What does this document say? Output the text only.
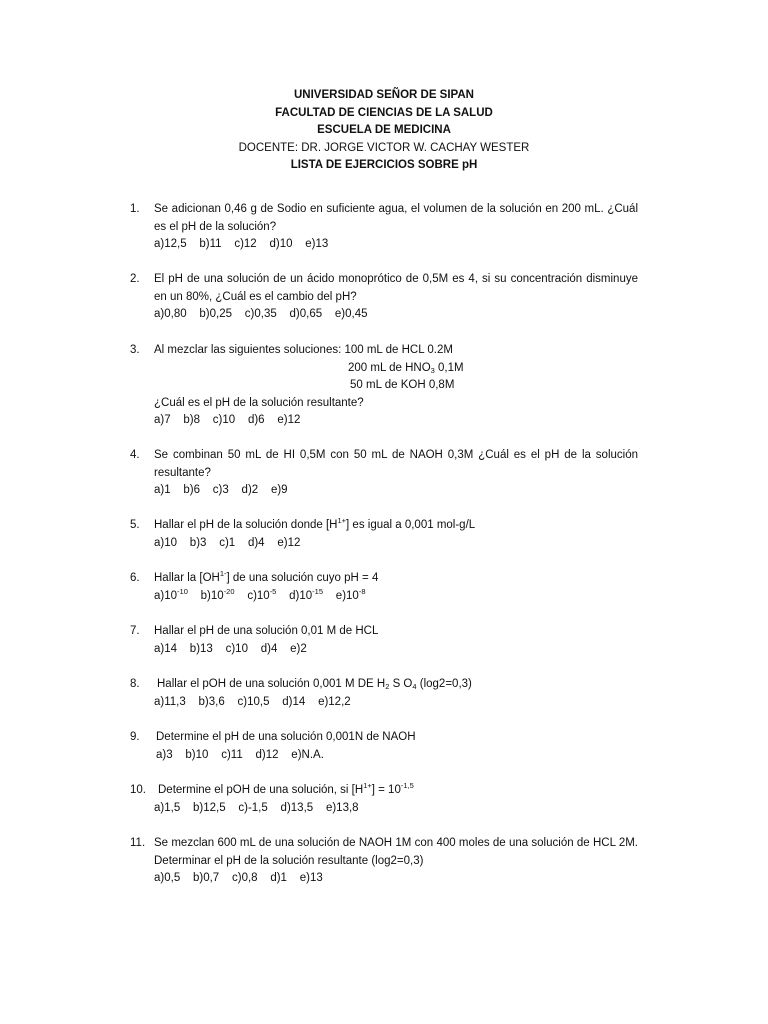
UNIVERSIDAD SEÑOR DE SIPAN
FACULTAD DE CIENCIAS DE LA SALUD
ESCUELA DE MEDICINA
DOCENTE: DR. JORGE VICTOR W. CACHAY WESTER
LISTA DE EJERCICIOS SOBRE pH
1. Se adicionan 0,46 g de Sodio en suficiente agua, el volumen de la solución en 200 mL. ¿Cuál es el pH de la solución?
a)12,5    b)11    c)12    d)10    e)13
2. El pH de una solución de un ácido monoprótico de 0,5M es 4, si su concentración disminuye en un 80%, ¿Cuál es el cambio del pH?
a)0,80    b)0,25    c)0,35    d)0,65    e)0,45
3. Al mezclar las siguientes soluciones: 100 mL de HCL 0.2M
200 mL de $HNO_3$ 0,1M
50 mL de KOH 0,8M
¿Cuál es el pH de la solución resultante?
a)7    b)8    c)10    d)6    e)12
4. Se combinan 50 mL de HI 0,5M con 50 mL de NAOH 0,3M ¿Cuál es el pH de la solución resultante?
a)1    b)6    c)3    d)2    e)9
5. Hallar el pH de la solución donde $[H^{1+}]$ es igual a 0,001 mol-g/L
a)10    b)3    c)1    d)4    e)12
6. Hallar la $[OH^{1-}]$ de una solución cuyo pH = 4
$a)10^{-10}$ $b)10^{-20}$ $c)10^{-5}$ $d)10^{-15}$ $e)10^{-8}$
7. Hallar el pH de una solución 0,01 M de HCL
a)14    b)13    c)10    d)4    e)2
8. Hallar el pOH de una solución 0,001 M DE $H_2$ S $O_4$ (log2=0,3)
a)11,3    b)3,6    c)10,5    d)14    e)12,2
9. Determine el pH de una solución 0,001N de NAOH
a)3    b)10    c)11    d)12    e)N.A.
10.	Determine el pOH de una solución, si $[H^{1+}] = 10^{-1,5}$
a)1,5    b)12,5    c)-1,5    d)13,5    e)13,8
11. Se mezclan 600 mL de una solución de NAOH 1M con 400 moles de una solución de HCL 2M. Determinar el pH de la solución resultante (log2=0,3)
a)0,5    b)0,7    c)0,8    d)1    e)13
